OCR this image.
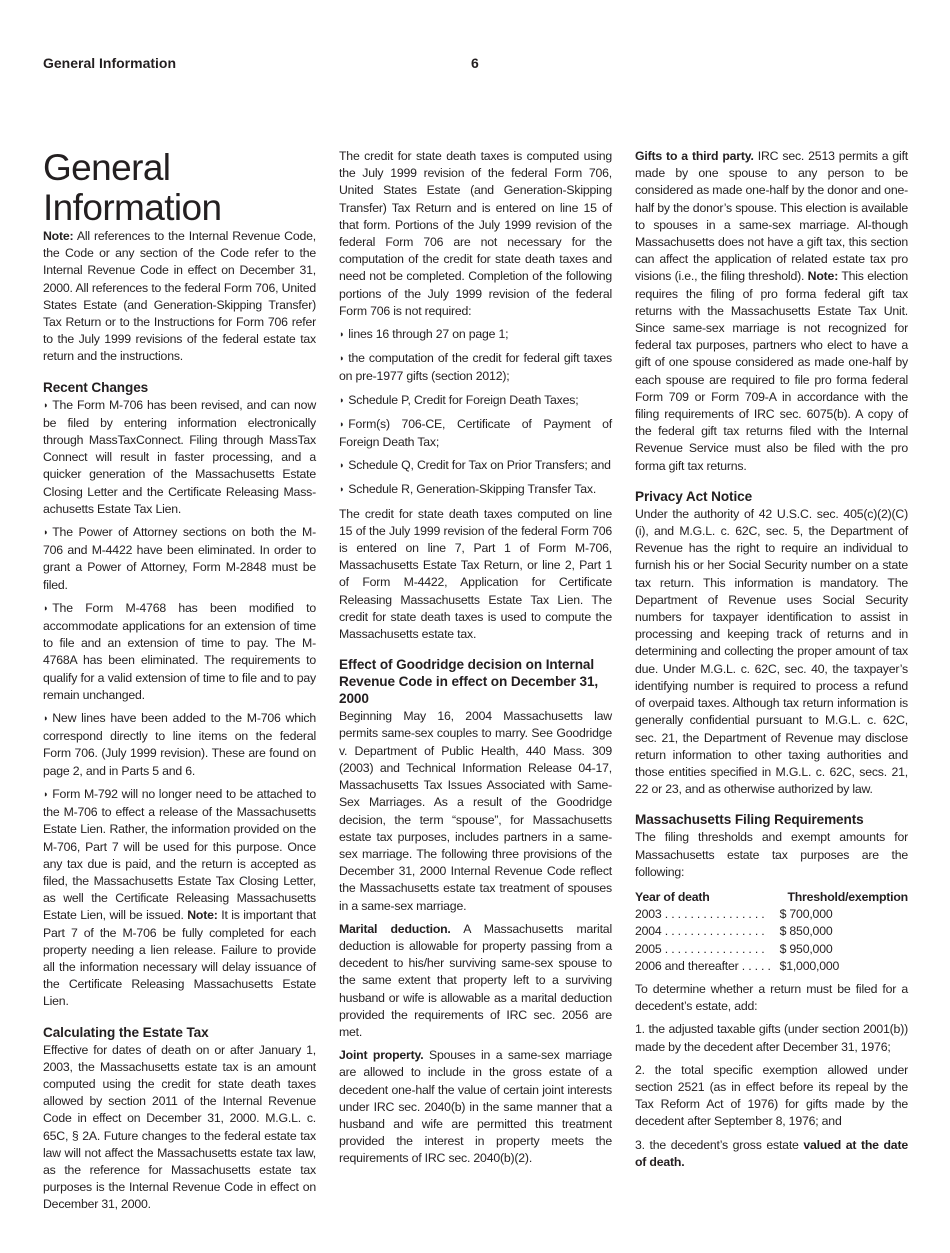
General Information	6
General
Information

Note: All references to the Internal Revenue Code, the Code or any section of the Code refer to the Internal Revenue Code in effect on December 31, 2000. All references to the federal Form 706, United States Estate (and Generation-Skipping Transfer) Tax Return or to the Instructions for Form 706 refer to the July 1999 revisions of the federal estate tax return and the instructions.

Recent Changes

◗ The Form M-706 has been revised, and can now be filed by entering information electronically through MassTaxConnect. Filing through MassTax Connect will result in faster processing, and a quicker generation of the Massachusetts Estate Closing Letter and the Certificate Releasing Mass-achusetts Estate Tax Lien.

◗ The Power of Attorney sections on both the M-706 and M-4422 have been eliminated. In order to grant a Power of Attorney, Form M-2848 must be filed.

◗ The Form M-4768 has been modified to accommodate applications for an extension of time to file and an extension of time to pay. The M-4768A has been eliminated. The requirements to qualify for a valid extension of time to file and to pay remain unchanged.

◗ New lines have been added to the M-706 which correspond directly to line items on the federal Form 706. (July 1999 revision). These are found on page 2, and in Parts 5 and 6.

◗ Form M-792 will no longer need to be attached to the M-706 to effect a release of the Massachusetts Estate Lien. Rather, the information provided on the M-706, Part 7 will be used for this purpose. Once any tax due is paid, and the return is accepted as filed, the Massachusetts Estate Tax Closing Letter, as well the Certificate Releasing Massachusetts Estate Lien, will be issued. Note: It is important that Part 7 of the M-706 be fully completed for each property needing a lien release. Failure to provide all the information necessary will delay issuance of the Certificate Releasing Massachusetts Estate Lien.

Calculating the Estate Tax

Effective for dates of death on or after January 1, 2003, the Massachusetts estate tax is an amount computed using the credit for state death taxes allowed by section 2011 of the Internal Revenue Code in effect on December 31, 2000. M.G.L. c. 65C, § 2A. Future changes to the federal estate tax law will not affect the Massachusetts estate tax law, as the reference for Massachusetts estate tax purposes is the Internal Revenue Code in effect on December 31, 2000.

The credit for state death taxes is computed using the July 1999 revision of the federal Form 706, United States Estate (and Generation-Skipping Transfer) Tax Return and is entered on line 15 of that form. Portions of the July 1999 revision of the federal Form 706 are not necessary for the computation of the credit for state death taxes and need not be completed. Completion of the following portions of the July 1999 revision of the federal Form 706 is not required:

◗ lines 16 through 27 on page 1;

◗ the computation of the credit for federal gift taxes on pre-1977 gifts (section 2012);

◗ Schedule P, Credit for Foreign Death Taxes;

◗ Form(s) 706-CE, Certificate of Payment of Foreign Death Tax;

◗ Schedule Q, Credit for Tax on Prior Transfers; and

◗ Schedule R, Generation-Skipping Transfer Tax.

The credit for state death taxes computed on line 15 of the July 1999 revision of the federal Form 706 is entered on line 7, Part 1 of Form M-706, Massachusetts Estate Tax Return, or line 2, Part 1 of Form M-4422, Application for Certificate Releasing Massachusetts Estate Tax Lien. The credit for state death taxes is used to compute the Massachusetts estate tax.

Effect of Goodridge decision on Internal Revenue Code in effect on December 31, 2000

Beginning May 16, 2004 Massachusetts law permits same-sex couples to marry. See Goodridge v. Department of Public Health, 440 Mass. 309 (2003) and Technical Information Release 04-17, Massachusetts Tax Issues Associated with Same-Sex Marriages. As a result of the Goodridge decision, the term “spouse”, for Massachusetts estate tax purposes, includes partners in a same-sex marriage. The following three provisions of the December 31, 2000 Internal Revenue Code reflect the Massachusetts estate tax treatment of spouses in a same-sex marriage.

Marital deduction. A Massachusetts marital deduction is allowable for property passing from a decedent to his/her surviving same-sex spouse to the same extent that property left to a surviving husband or wife is allowable as a marital deduction provided the requirements of IRC sec. 2056 are met.

Joint property. Spouses in a same-sex marriage are allowed to include in the gross estate of a decedent one-half the value of certain joint interests under IRC sec. 2040(b) in the same manner that a husband and wife are permitted this treatment provided the interest in property meets the requirements of IRC sec. 2040(b)(2).

Gifts to a third party. IRC sec. 2513 permits a gift made by one spouse to any person to be considered as made one-half by the donor and one-half by the donor’s spouse. This election is available to spouses in a same-sex marriage. Al-though Massachusetts does not have a gift tax, this section can affect the application of related estate tax pro visions (i.e., the filing threshold). Note: This election requires the filing of pro forma federal gift tax returns with the Massachusetts Estate Tax Unit. Since same-sex marriage is not recognized for federal tax purposes, partners who elect to have a gift of one spouse considered as made one-half by each spouse are required to file pro forma federal Form 709 or Form 709-A in accordance with the filing requirements of IRC sec. 6075(b). A copy of the federal gift tax returns filed with the Internal Revenue Service must also be filed with the pro forma gift tax returns.

Privacy Act Notice

Under the authority of 42 U.S.C. sec. 405(c)(2)(C)(i), and M.G.L. c. 62C, sec. 5, the Department of Revenue has the right to require an individual to furnish his or her Social Security number on a state tax return. This information is mandatory. The Department of Revenue uses Social Security numbers for taxpayer identification to assist in processing and keeping track of returns and in determining and collecting the proper amount of tax due. Under M.G.L. c. 62C, sec. 40, the taxpayer’s identifying number is required to process a refund of overpaid taxes. Although tax return information is generally confidential pursuant to M.G.L. c. 62C, sec. 21, the Department of Revenue may disclose return information to other taxing authorities and those entities specified in M.G.L. c. 62C, secs. 21, 22 or 23, and as otherwise authorized by law.

Massachusetts Filing Requirements

The filing thresholds and exempt amounts for Massachusetts estate tax purposes are the following:

Year of death	Threshold/exemption
2003 . . . . . . . . . . . . . . . .	$ 700,000
2004 . . . . . . . . . . . . . . . .	$ 850,000
2005 . . . . . . . . . . . . . . . .	$ 950,000
2006 and thereafter . . . . .	$1,000,000

To determine whether a return must be filed for a decedent’s estate, add:

1. the adjusted taxable gifts (under section 2001(b)) made by the decedent after December 31, 1976;

2. the total specific exemption allowed under section 2521 (as in effect before its repeal by the Tax Reform Act of 1976) for gifts made by the decedent after September 8, 1976; and

3. the decedent’s gross estate valued at the date of death.
